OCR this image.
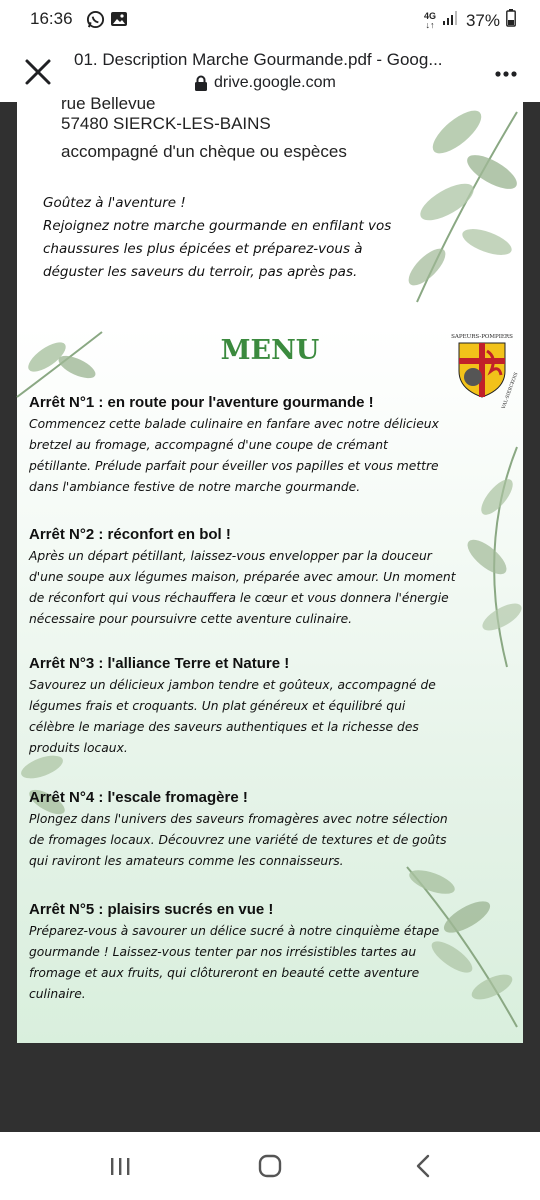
16:36	4G
↓↑ 37%
01. Description Marche Gourmande.pdf - Goog...
drive.google.com
rue Bellevue
57480 SIERCK-LES-BAINS
accompagné d'un chèque ou espèces
Goûtez à l'aventure !
Rejoignez notre marche gourmande en enfilant vos
chaussures les plus épicées et préparez-vous à
déguster les saveurs du terroir, pas après pas.
MENU	SAPEURS-POMPIERS
VAL-SIERCKOIS
Arrêt N°1 : en route pour l'aventure gourmande !
Commencez cette balade culinaire en fanfare avec notre délicieux
bretzel au fromage, accompagné d'une coupe de crémant
pétillante. Prélude parfait pour éveiller vos papilles et vous mettre
dans l'ambiance festive de notre marche gourmande.
Arrêt N°2 : réconfort en bol !
Après un départ pétillant, laissez-vous envelopper par la douceur
d'une soupe aux légumes maison, préparée avec amour. Un moment
de réconfort qui vous réchauffera le cœur et vous donnera l'énergie
nécessaire pour poursuivre cette aventure culinaire.
Arrêt N°3 : l'alliance Terre et Nature !
Savourez un délicieux jambon tendre et goûteux, accompagné de
légumes frais et croquants. Un plat généreux et équilibré qui
célèbre le mariage des saveurs authentiques et la richesse des
produits locaux.
Arrêt N°4 : l'escale fromagère !
Plongez dans l'univers des saveurs fromagères avec notre sélection
de fromages locaux. Découvrez une variété de textures et de goûts
qui raviront les amateurs comme les connaisseurs.
Arrêt N°5 : plaisirs sucrés en vue !
Préparez-vous à savourer un délice sucré à notre cinquième étape
gourmande ! Laissez-vous tenter par nos irrésistibles tartes au
fromage et aux fruits, qui clôtureront en beauté cette aventure
culinaire.
